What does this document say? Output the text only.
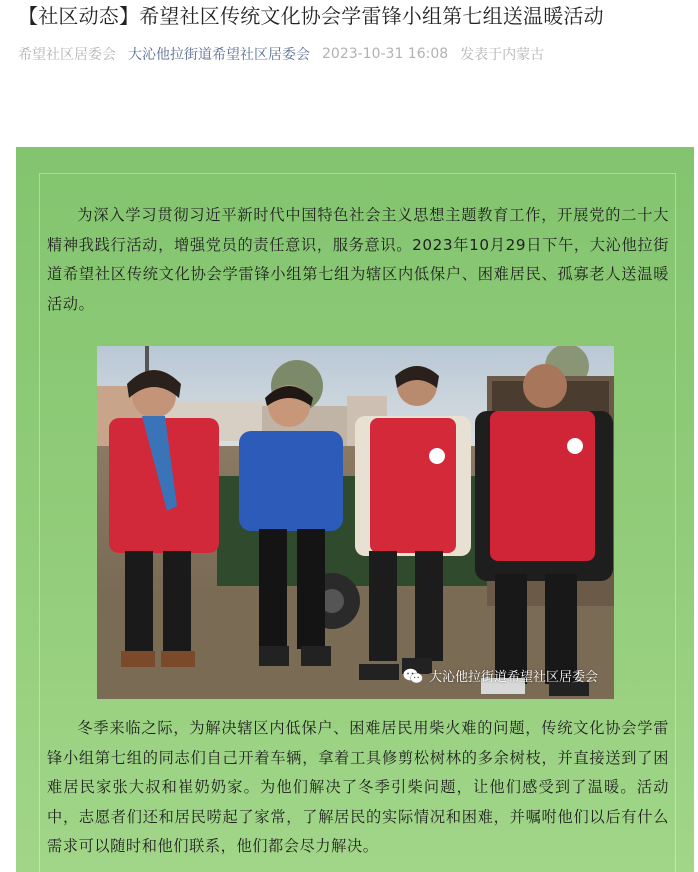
【社区动态】希望社区传统文化协会学雷锋小组第七组送温暖活动
希望社区居委会 大沁他拉街道希望社区居委会 2023-10-31 16:08 发表于内蒙古
为深入学习贯彻习近平新时代中国特色社会主义思想主题教育工作，开展党的二十大精神我践行活动，增强党员的责任意识，服务意识。2023年10月29日下午，大沁他拉街道希望社区传统文化协会学雷锋小组第七组为辖区内低保户、困难居民、孤寡老人送温暖活动。
大沁他拉街道希望社区居委会
冬季来临之际，为解决辖区内低保户、困难居民用柴火难的问题，传统文化协会学雷锋小组第七组的同志们自己开着车辆，拿着工具修剪松树林的多余树枝，并直接送到了困难居民家张大叔和崔奶奶家。为他们解决了冬季引柴问题，让他们感受到了温暖。活动中，志愿者们还和居民唠起了家常，了解居民的实际情况和困难，并嘱咐他们以后有什么需求可以随时和他们联系，他们都会尽力解决。
